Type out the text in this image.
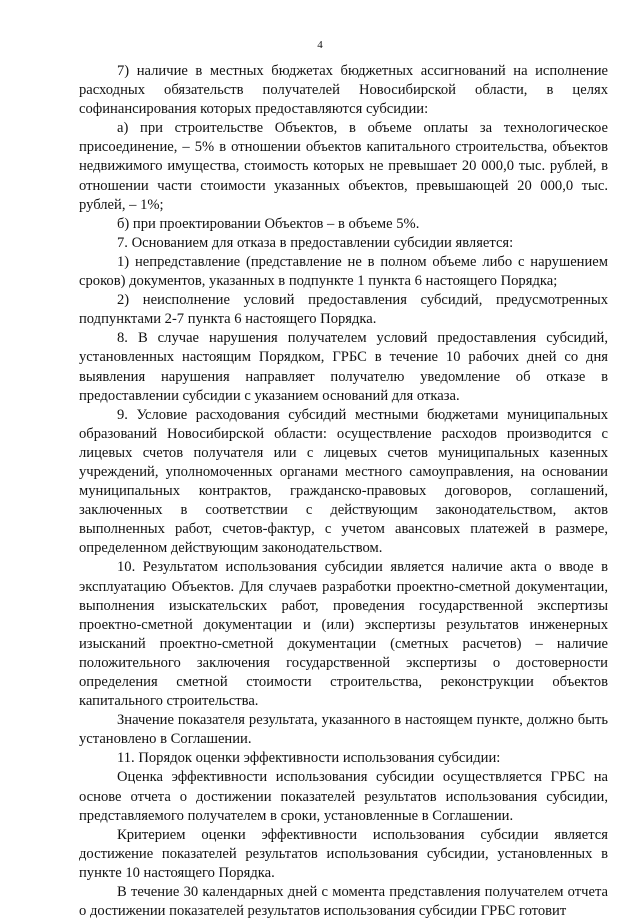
4

7) наличие в местных бюджетах бюджетных ассигнований на исполнение расходных обязательств получателей Новосибирской области, в целях софинансирования которых предоставляются субсидии:

а) при строительстве Объектов, в объеме оплаты за технологическое присоединение, – 5% в отношении объектов капитального строительства, объектов недвижимого имущества, стоимость которых не превышает 20 000,0 тыс. рублей, в отношении части стоимости указанных объектов, превышающей 20 000,0 тыс. рублей, – 1%;

б) при проектировании Объектов – в объеме 5%.

7. Основанием для отказа в предоставлении субсидии является:

1) непредставление (представление не в полном объеме либо с нарушением сроков) документов, указанных в подпункте 1 пункта 6 настоящего Порядка;

2) неисполнение условий предоставления субсидий, предусмотренных подпунктами 2-7 пункта 6 настоящего Порядка.

8. В случае нарушения получателем условий предоставления субсидий, установленных настоящим Порядком, ГРБС в течение 10 рабочих дней со дня выявления нарушения направляет получателю уведомление об отказе в предоставлении субсидии с указанием оснований для отказа.

9. Условие расходования субсидий местными бюджетами муниципальных образований Новосибирской области: осуществление расходов производится с лицевых счетов получателя или с лицевых счетов муниципальных казенных учреждений, уполномоченных органами местного самоуправления, на основании муниципальных контрактов, гражданско-правовых договоров, соглашений, заключенных в соответствии с действующим законодательством, актов выполненных работ, счетов-фактур, с учетом авансовых платежей в размере, определенном действующим законодательством.

10. Результатом использования субсидии является наличие акта о вводе в эксплуатацию Объектов. Для случаев разработки проектно-сметной документации, выполнения изыскательских работ, проведения государственной экспертизы проектно-сметной документации и (или) экспертизы результатов инженерных изысканий проектно-сметной документации (сметных расчетов) – наличие положительного заключения государственной экспертизы о достоверности определения сметной стоимости строительства, реконструкции объектов капитального строительства.

Значение показателя результата, указанного в настоящем пункте, должно быть установлено в Соглашении.

11. Порядок оценки эффективности использования субсидии:

Оценка эффективности использования субсидии осуществляется ГРБС на основе отчета о достижении показателей результатов использования субсидии, представляемого получателем в сроки, установленные в Соглашении.

Критерием оценки эффективности использования субсидии является достижение показателей результатов использования субсидии, установленных в пункте 10 настоящего Порядка.

В течение 30 календарных дней с момента представления получателем отчета о достижении показателей результатов использования субсидии ГРБС готовит
